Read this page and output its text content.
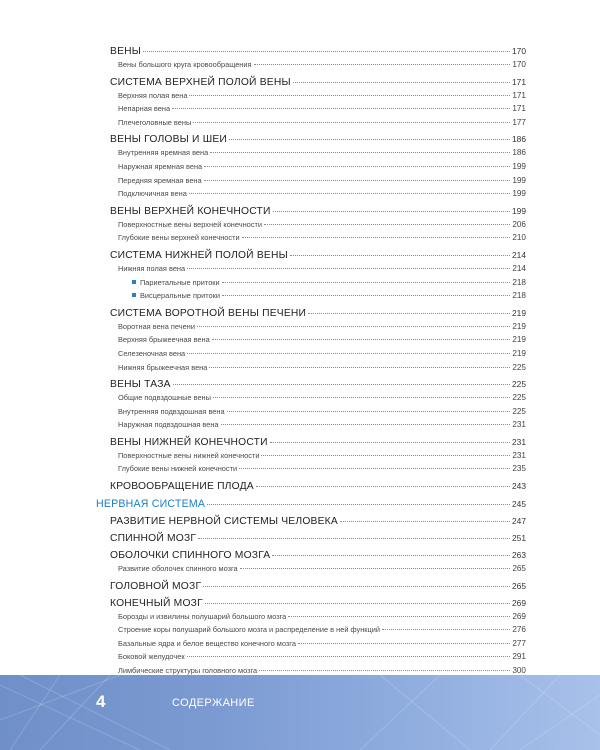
ВЕНЫ	170
Вены большого круга кровообращения	170
СИСТЕМА ВЕРХНЕЙ ПОЛОЙ ВЕНЫ	171
Верхняя полая вена	171
Непарная вена	171
Плечеголовные вены	177
ВЕНЫ ГОЛОВЫ И ШЕИ	186
Внутренняя яремная вена	186
Наружная яремная вена	199
Передняя яремная вена	199
Подключичная вена	199
ВЕНЫ ВЕРХНЕЙ КОНЕЧНОСТИ	199
Поверхностные вены верхней конечности	206
Глубокие вены верхней конечности	210
СИСТЕМА НИЖНЕЙ ПОЛОЙ ВЕНЫ	214
Нижняя полая вена	214
Париетальные притоки	218
Висцеральные притоки	218
СИСТЕМА ВОРОТНОЙ ВЕНЫ ПЕЧЕНИ	219
Воротная вена печени	219
Верхняя брыжеечная вена	219
Селезеночная вена	219
Нижняя брыжеечная вена	225
ВЕНЫ ТАЗА	225
Общие подвздошные вены	225
Внутренняя подвздошная вена	225
Наружная подвздошная вена	231
ВЕНЫ НИЖНЕЙ КОНЕЧНОСТИ	231
Поверхностные вены нижней конечности	231
Глубокие вены нижней конечности	235
КРОВООБРАЩЕНИЕ ПЛОДА	243
НЕРВНАЯ СИСТЕМА	245
РАЗВИТИЕ НЕРВНОЙ СИСТЕМЫ ЧЕЛОВЕКА	247
СПИННОЙ МОЗГ	251
ОБОЛОЧКИ СПИННОГО МОЗГА	263
Развитие оболочек спинного мозга	265
ГОЛОВНОЙ МОЗГ	265
КОНЕЧНЫЙ МОЗГ	269
Борозды и извилины полушарий большого мозга	269
Строение коры полушарий большого мозга и распределение в ней функций	276
Базальные ядра и белое вещество конечного мозга	277
Боковой желудочек	291
Лимбические структуры головного мозга	300
4	СОДЕРЖАНИЕ
